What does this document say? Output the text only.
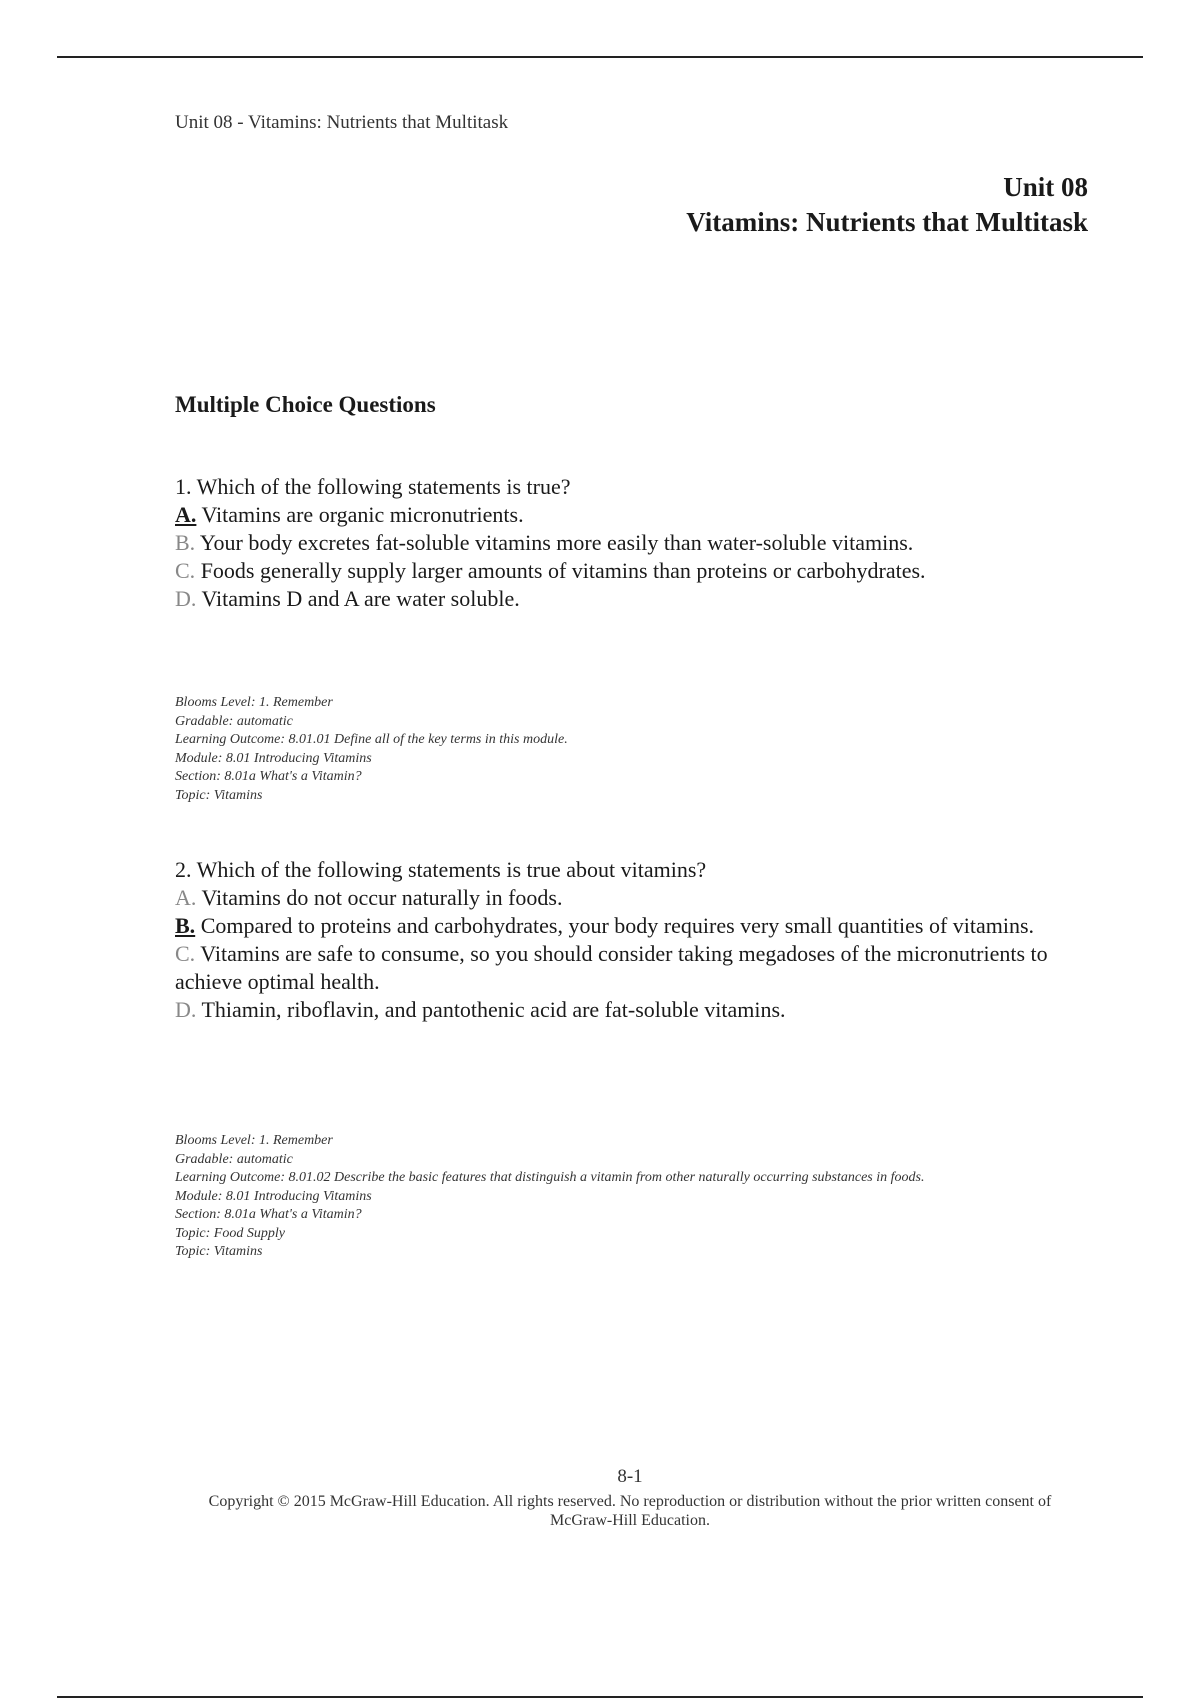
Unit 08 - Vitamins: Nutrients that Multitask
Unit 08
Vitamins: Nutrients that Multitask
Multiple Choice Questions

1. Which of the following statements is true?

A. Vitamins are organic micronutrients.

B. Your body excretes fat-soluble vitamins more easily than water-soluble vitamins.

C. Foods generally supply larger amounts of vitamins than proteins or carbohydrates.

D. Vitamins D and A are water soluble.

Blooms Level: 1. Remember
Gradable: automatic
Learning Outcome: 8.01.01 Define all of the key terms in this module.
Module: 8.01 Introducing Vitamins
Section: 8.01a What's a Vitamin?
Topic: Vitamins

2. Which of the following statements is true about vitamins?

A. Vitamins do not occur naturally in foods.

B. Compared to proteins and carbohydrates, your body requires very small quantities of vitamins.

C. Vitamins are safe to consume, so you should consider taking megadoses of the micronutrients to achieve optimal health.

D. Thiamin, riboflavin, and pantothenic acid are fat-soluble vitamins.

Blooms Level: 1. Remember
Gradable: automatic
Learning Outcome: 8.01.02 Describe the basic features that distinguish a vitamin from other naturally occurring substances in foods.
Module: 8.01 Introducing Vitamins
Section: 8.01a What's a Vitamin?
Topic: Food Supply
Topic: Vitamins
8-1
Copyright © 2015 McGraw-Hill Education. All rights reserved. No reproduction or distribution without the prior written consent of McGraw-Hill Education.
